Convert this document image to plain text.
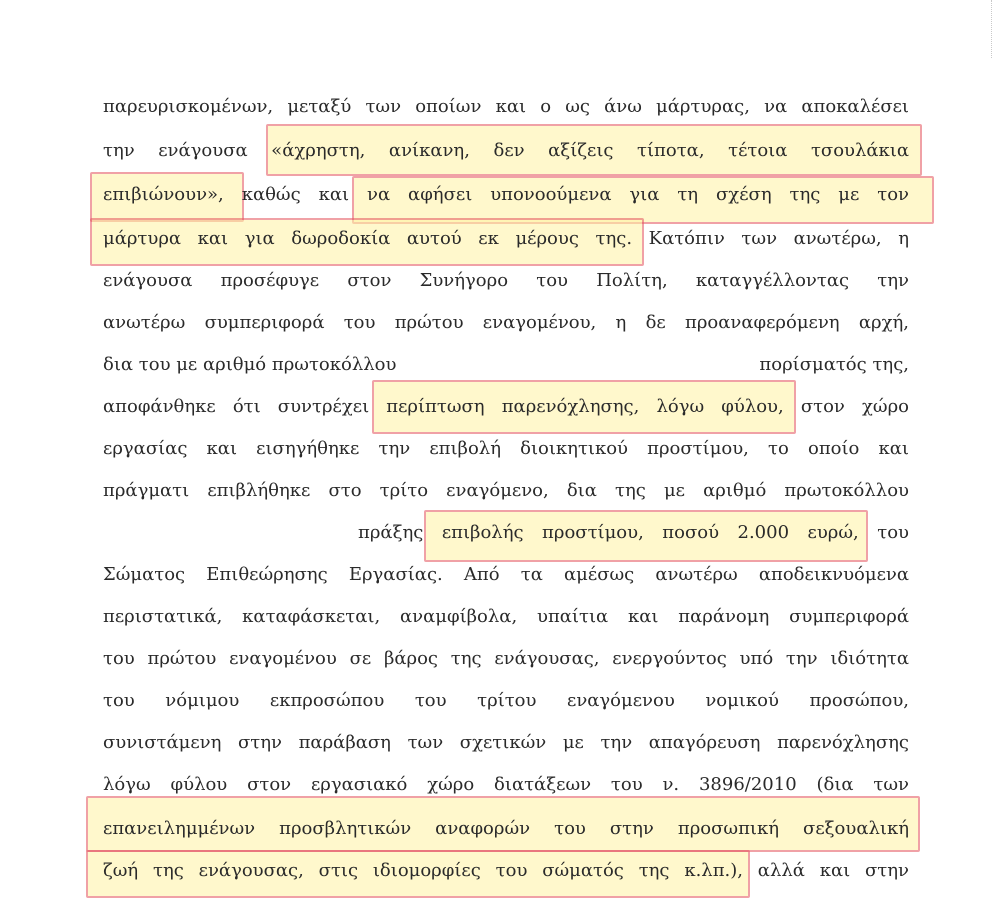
παρευρισκομένων, μεταξύ των οποίων και ο ως άνω μάρτυρας, να αποκαλέσει
την ενάγουσα «άχρηστη, ανίκανη, δεν αξίζεις τίποτα, τέτοια τσουλάκια
επιβιώνουν», καθώς και να αφήσει υπονοούμενα για τη σχέση της με τον
μάρτυρα και για δωροδοκία αυτού εκ μέρους της. Κατόπιν των ανωτέρω, η
ενάγουσα προσέφυγε στον Συνήγορο του Πολίτη, καταγγέλλοντας την
ανωτέρω συμπεριφορά του πρώτου εναγομένου, η δε προαναφερόμενη αρχή,
δια του με αριθμό πρωτοκόλλου	πορίσματός της,
αποφάνθηκε ότι συντρέχει περίπτωση παρενόχλησης, λόγω φύλου, στον χώρο
εργασίας και εισηγήθηκε την επιβολή διοικητικού προστίμου, το οποίο και
πράγματι επιβλήθηκε στο τρίτο εναγόμενο, δια της με αριθμό πρωτοκόλλου
πράξης επιβολής προστίμου, ποσού 2.000 ευρώ, του
Σώματος Επιθεώρησης Εργασίας. Από τα αμέσως ανωτέρω αποδεικνυόμενα
περιστατικά, καταφάσκεται, αναμφίβολα, υπαίτια και παράνομη συμπεριφορά
του πρώτου εναγομένου σε βάρος της ενάγουσας, ενεργούντος υπό την ιδιότητα
του νόμιμου εκπροσώπου του τρίτου εναγόμενου νομικού προσώπου,
συνιστάμενη στην παράβαση των σχετικών με την απαγόρευση παρενόχλησης
λόγω φύλου στον εργασιακό χώρο διατάξεων του ν. 3896/2010 (δια των
επανειλημμένων προσβλητικών αναφορών του στην προσωπική σεξουαλική
ζωή της ενάγουσας, στις ιδιομορφίες του σώματός της κ.λπ.), αλλά και στην
